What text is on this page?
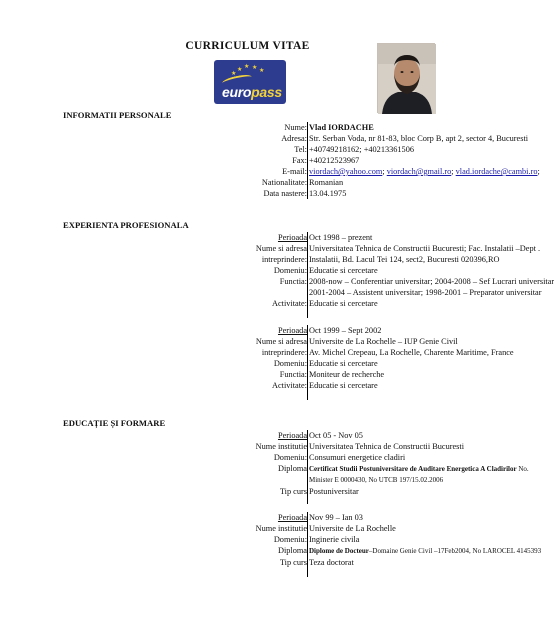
CURRICULUM VITAE
★ ★ ★
★
★
europass
INFORMATII PERSONALE
Nume: Vlad IORDACHE
Adresa: Str. Serban Voda, nr 81-83, bloc Corp B, apt 2, sector 4, Bucuresti
Tel: +40749218162; +40213361506
Fax: +40212523967
E-mail: viordach@yahoo.com; viordach@gmail.ro; vlad.iordache@cambi.ro;
Nationalitate: Romanian
Data nastere: 13.04.1975
EXPERIENTA PROFESIONALA
Perioada Oct 1998 – prezent
Nume si adresa Universitatea Tehnica de Constructii Bucuresti; Fac. Instalatii –Dept .
intreprindere: Instalatii, Bd. Lacul Tei 124, sect2, Bucuresti 020396,RO
Domeniu: Educatie si cercetare
Functia: 2008-now – Conferentiar universitar; 2004-2008 – Sef Lucrari universitar
2001-2004 – Assistent universitar; 1998-2001 – Preparator universitar
Activitate: Educatie si cercetare
Perioada Oct 1999 – Sept 2002
Nume si adresa Universite de La Rochelle – IUP Genie Civil
intreprindere: Av. Michel Crepeau, La Rochelle, Charente Maritime, France
Domeniu: Educatie si cercetare
Functia: Moniteur de recherche
Activitate: Educatie si cercetare
EDUCAȚIE ȘI FORMARE
Perioada Oct 05 - Nov 05
Nume institutie Universitatea Tehnica de Constructii Bucuresti
Domeniu: Consumuri energetice cladiri
Diploma Certificat Studii Postuniversitare de Auditare Energetica A Cladirilor No.
Minister E 0000430, No UTCB 197/15.02.2006
Tip curs Postuniversitar
Perioada Nov 99 – Ian 03
Nume institutie Universite de La Rochelle
Domeniu: Inginerie civila
Diploma Diplome de Docteur–Domaine Genie Civil –17Feb2004, No LAROCEL 4145393
Tip curs Teza doctorat
